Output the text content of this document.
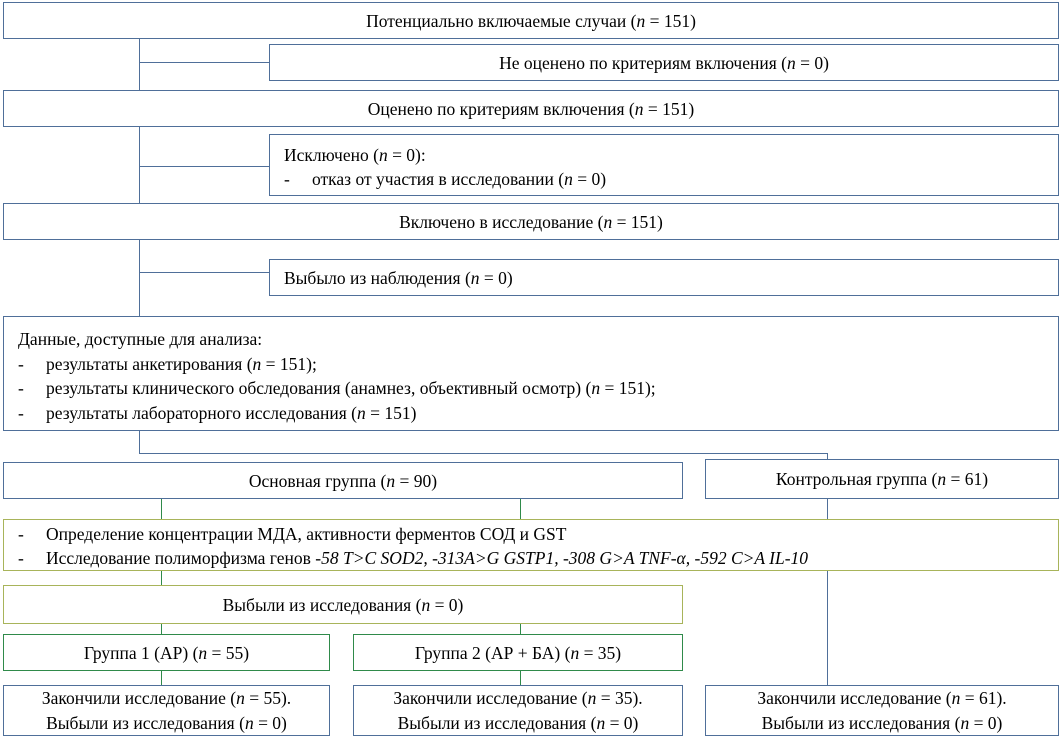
Потенциально включаемые случаи (n = 151)
Не оценено по критериям включения (n = 0)
Оценено по критериям включения (n = 151)
Исключено (n = 0):
- отказ от участия в исследовании (n = 0)
Включено в исследование (n = 151)
Выбыло из наблюдения (n = 0)
Данные, доступные для анализа:
- результаты анкетирования (n = 151);
- результаты клинического обследования (анамнез, объективный осмотр) (n = 151);
- результаты лабораторного исследования (n = 151)
Основная группа (n = 90)	Контрольная группа (n = 61)
- Определение концентрации МДА, активности ферментов СОД и GST
- Исследование полиморфизма генов -58 T>C SOD2, -313A>G GSTP1, -308 G>A TNF-α, -592 C>A IL-10
Выбыли из исследования (n = 0)
Группа 1 (АР) (n = 55)	Группа 2 (АР + БА) (n = 35)
Закончили исследование (n = 55).
Выбыли из исследования (n = 0)
Закончили исследование (n = 35).
Выбыли из исследования (n = 0)
Закончили исследование (n = 61).
Выбыли из исследования (n = 0)
